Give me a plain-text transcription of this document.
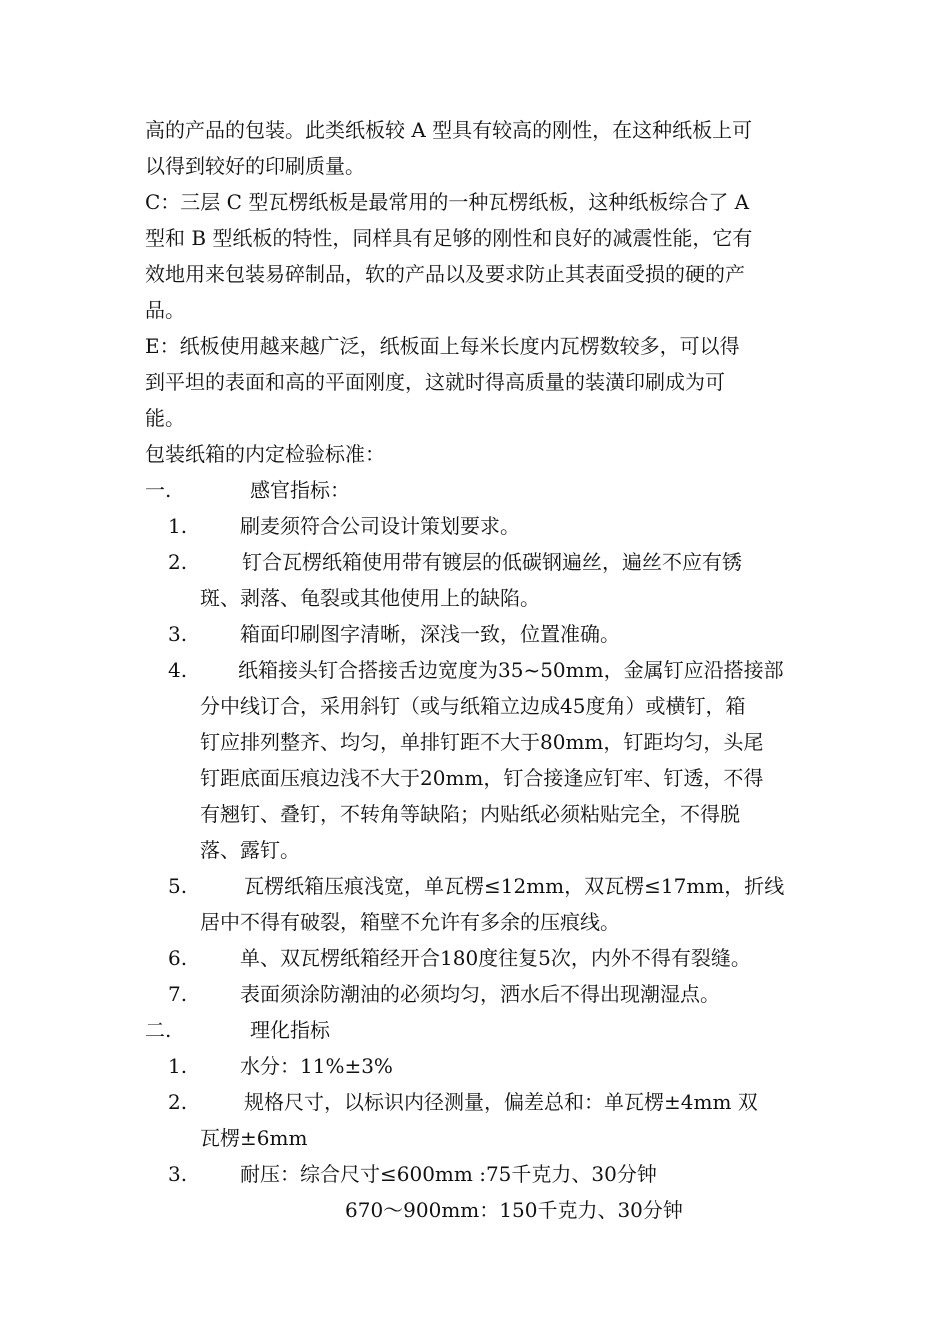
高的产品的包装。此类纸板较 A 型具有较高的刚性，在这种纸板上可
以得到较好的印刷质量。
C：三层 C 型瓦楞纸板是最常用的一种瓦楞纸板，这种纸板综合了 A
型和 B 型纸板的特性，同样具有足够的刚性和良好的减震性能，它有
效地用来包装易碎制品，软的产品以及要求防止其表面受损的硬的产
品。
E：纸板使用越来越广泛，纸板面上每米长度内瓦楞数较多，可以得
到平坦的表面和高的平面刚度，这就时得高质量的装潢印刷成为可
能。
包装纸箱的内定检验标准：
一.	感官指标：
1.	刷麦须符合公司设计策划要求。
2.	钉合瓦楞纸箱使用带有镀层的低碳钢遍丝，遍丝不应有锈
斑、剥落、龟裂或其他使用上的缺陷。
3.	箱面印刷图字清晰，深浅一致，位置准确。
4.	纸箱接头钉合搭接舌边宽度为35~50mm，金属钉应沿搭接部
分中线订合，采用斜钉（或与纸箱立边成45度角）或横钉，箱
钉应排列整齐、均匀，单排钉距不大于80mm，钉距均匀，头尾
钉距底面压痕边浅不大于20mm，钉合接逢应钉牢、钉透，不得
有翘钉、叠钉，不转角等缺陷；内贴纸必须粘贴完全，不得脱
落、露钉。
5.	瓦楞纸箱压痕浅宽，单瓦楞≤12mm，双瓦楞≤17mm，折线
居中不得有破裂，箱壁不允许有多余的压痕线。
6.	单、双瓦楞纸箱经开合180度往复5次，内外不得有裂缝。
7.	表面须涂防潮油的必须均匀，洒水后不得出现潮湿点。
二.	理化指标
1.	水分：11%±3%
2.	规格尺寸，以标识内径测量，偏差总和：单瓦楞±4mm 双
瓦楞±6mm
3.	耐压：综合尺寸≤600mm :75千克力、30分钟
670～900mm：150千克力、30分钟
